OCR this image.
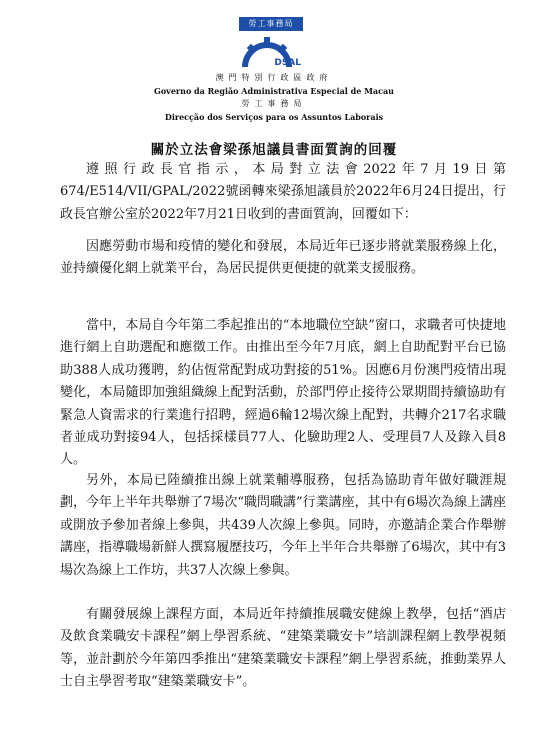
勞工事務局
DSAL
澳門特別行政區政府
Governo da Região Administrativa Especial de Macau
勞工事務局
Direcção dos Serviços para os Assuntos Laborais
關於立法會梁孫旭議員書面質詢的回覆

遵照行政長官指示，本局對立法會2022年7月19日第674/E514/VII/GPAL/2022號函轉來梁孫旭議員於2022年6月24日提出，行政長官辦公室於2022年7月21日收到的書面質詢，回覆如下：

因應勞動市場和疫情的變化和發展，本局近年已逐步將就業服務線上化，並持續優化網上就業平台，為居民提供更便捷的就業支援服務。

當中，本局自今年第二季起推出的“本地職位空缺”窗口，求職者可快捷地進行網上自助選配和應徵工作。由推出至今年7月底，網上自助配對平台已協助388人成功獲聘，約佔恆常配對成功對接的51%。因應6月份澳門疫情出現變化，本局隨即加強組織線上配對活動，於部門停止接待公眾期間持續協助有緊急人資需求的行業進行招聘，經過6輪12場次線上配對，共轉介217名求職者並成功對接94人，包括採樣員77人、化驗助理2人、受理員7人及錄入員8人。

另外，本局已陸續推出線上就業輔導服務，包括為協助青年做好職涯規劃，今年上半年共舉辦了7場次“職問職講”行業講座，其中有6場次為線上講座或開放予參加者線上參與，共439人次線上參與。同時，亦邀請企業合作舉辦講座，指導職場新鮮人撰寫履歷技巧，今年上半年合共舉辦了6場次，其中有3場次為線上工作坊，共37人次線上參與。

有關發展線上課程方面，本局近年持續推展職安健線上教學，包括“酒店及飲食業職安卡課程”網上學習系統、“建築業職安卡”培訓課程網上教學視頻等，並計劃於今年第四季推出“建築業職安卡課程”網上學習系統，推動業界人士自主學習考取“建築業職安卡”。
